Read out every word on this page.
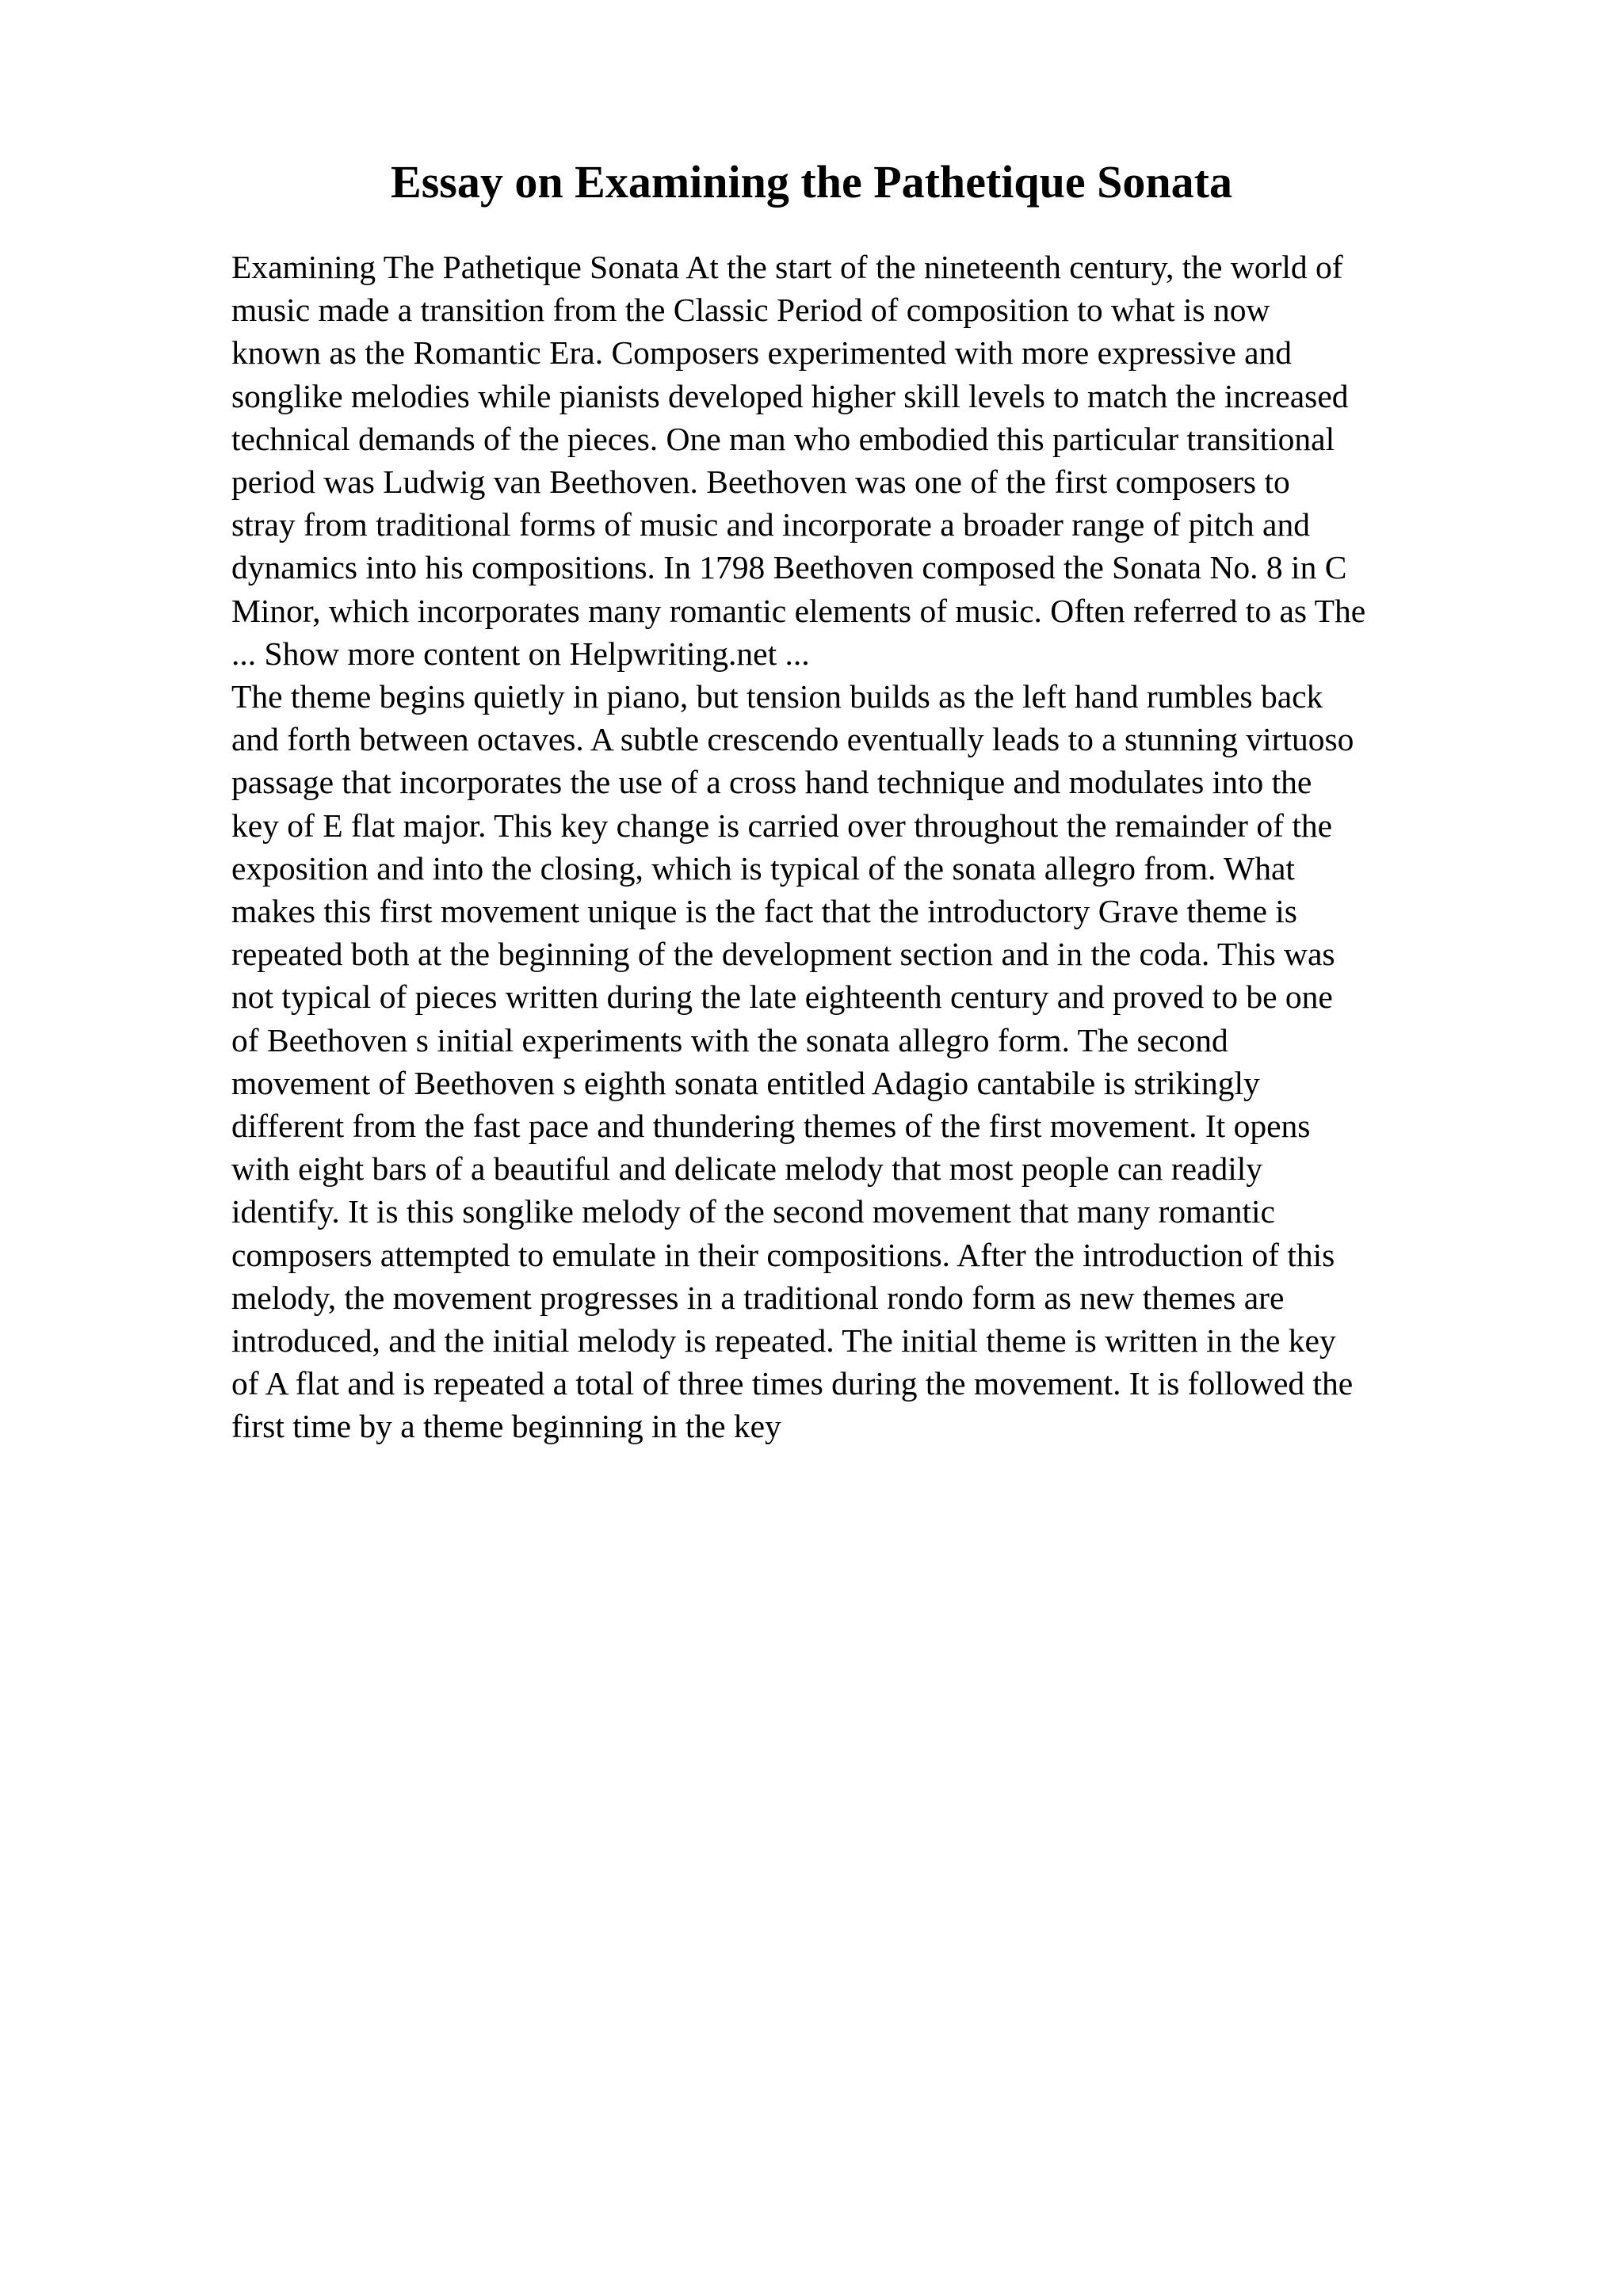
Essay on Examining the Pathetique Sonata
Examining The Pathetique Sonata At the start of the nineteenth century, the world of
music made a transition from the Classic Period of composition to what is now
known as the Romantic Era. Composers experimented with more expressive and
songlike melodies while pianists developed higher skill levels to match the increased
technical demands of the pieces. One man who embodied this particular transitional
period was Ludwig van Beethoven. Beethoven was one of the first composers to
stray from traditional forms of music and incorporate a broader range of pitch and
dynamics into his compositions. In 1798 Beethoven composed the Sonata No. 8 in C
Minor, which incorporates many romantic elements of music. Often referred to as The
... Show more content on Helpwriting.net ...
The theme begins quietly in piano, but tension builds as the left hand rumbles back
and forth between octaves. A subtle crescendo eventually leads to a stunning virtuoso
passage that incorporates the use of a cross hand technique and modulates into the
key of E flat major. This key change is carried over throughout the remainder of the
exposition and into the closing, which is typical of the sonata allegro from. What
makes this first movement unique is the fact that the introductory Grave theme is
repeated both at the beginning of the development section and in the coda. This was
not typical of pieces written during the late eighteenth century and proved to be one
of Beethoven s initial experiments with the sonata allegro form. The second
movement of Beethoven s eighth sonata entitled Adagio cantabile is strikingly
different from the fast pace and thundering themes of the first movement. It opens
with eight bars of a beautiful and delicate melody that most people can readily
identify. It is this songlike melody of the second movement that many romantic
composers attempted to emulate in their compositions. After the introduction of this
melody, the movement progresses in a traditional rondo form as new themes are
introduced, and the initial melody is repeated. The initial theme is written in the key
of A flat and is repeated a total of three times during the movement. It is followed the
first time by a theme beginning in the key
